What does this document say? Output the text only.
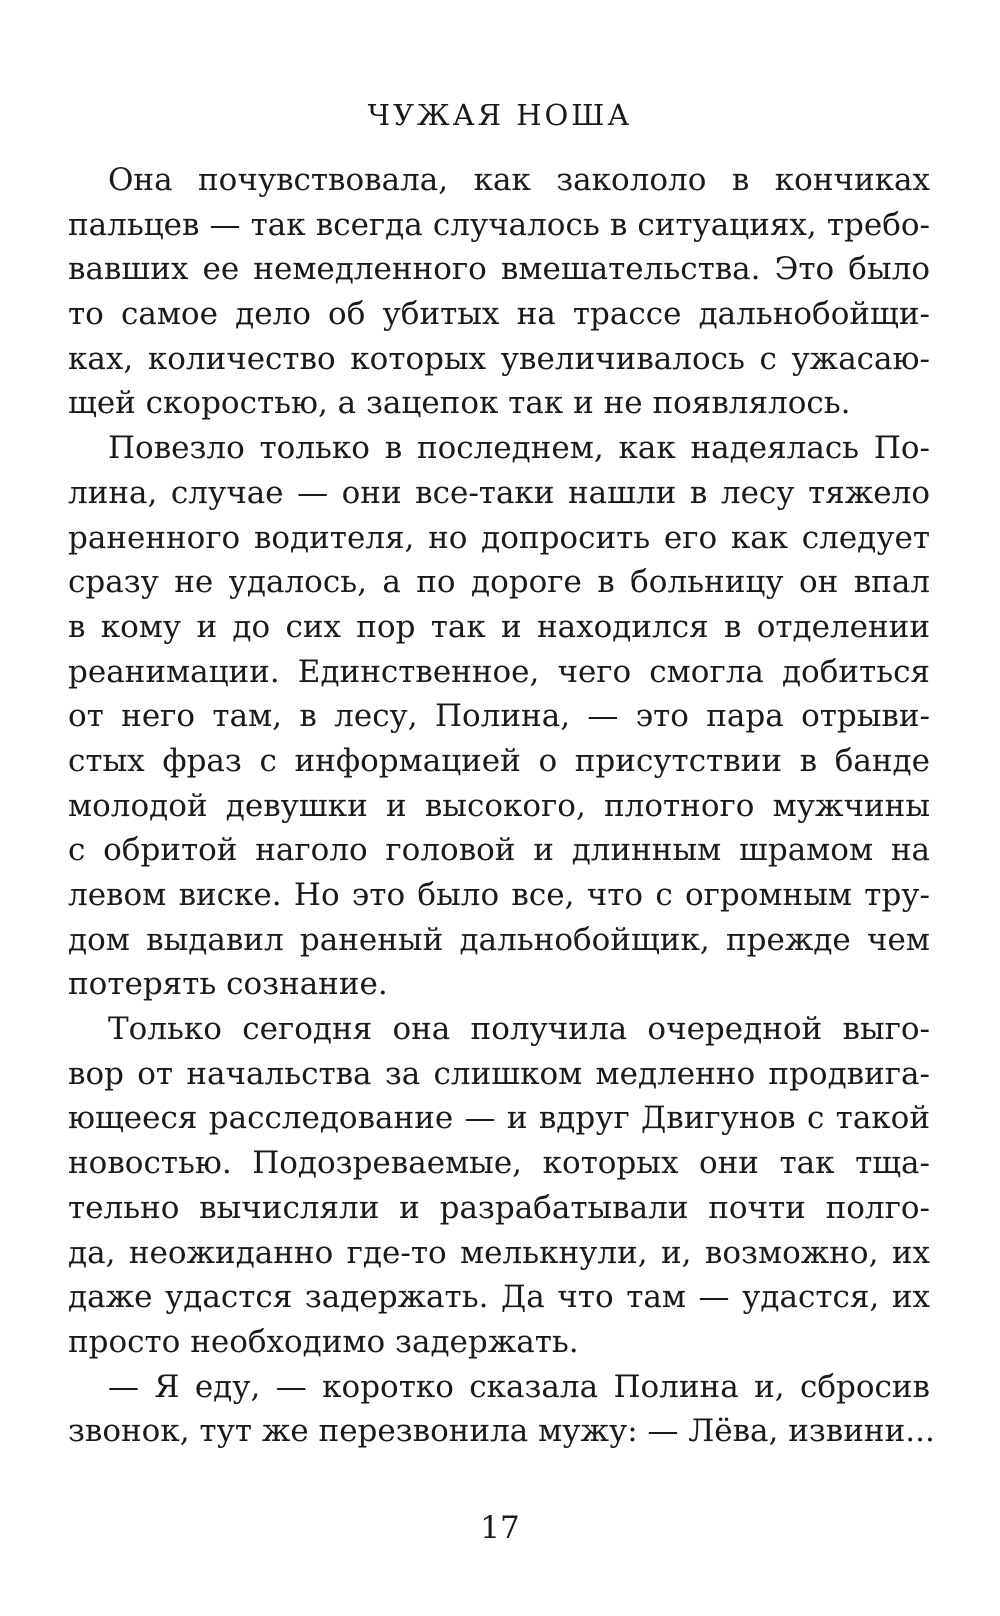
ЧУЖАЯ НОША
Она почувствовала, как закололо в кончиках
пальцев — так всегда случалось в ситуациях, требо-
вавших ее немедленного вмешательства. Это было
то самое дело об убитых на трассе дальнобойщи-
ках, количество которых увеличивалось с ужасаю-
щей скоростью, а зацепок так и не появлялось.
Повезло только в последнем, как надеялась По-
лина, случае — они все-таки нашли в лесу тяжело
раненного водителя, но допросить его как следует
сразу не удалось, а по дороге в больницу он впал
в кому и до сих пор так и находился в отделении
реанимации. Единственное, чего смогла добиться
от него там, в лесу, Полина, — это пара отрыви-
стых фраз с информацией о присутствии в банде
молодой девушки и высокого, плотного мужчины
с обритой наголо головой и длинным шрамом на
левом виске. Но это было все, что с огромным тру-
дом выдавил раненый дальнобойщик, прежде чем
потерять сознание.
Только сегодня она получила очередной выго-
вор от начальства за слишком медленно продвига-
ющееся расследование — и вдруг Двигунов с такой
новостью. Подозреваемые, которых они так тща-
тельно вычисляли и разрабатывали почти полго-
да, неожиданно где-то мелькнули, и, возможно, их
даже удастся задержать. Да что там — удастся, их
просто необходимо задержать.
— Я еду, — коротко сказала Полина и, сбросив
звонок, тут же перезвонила мужу: — Лёва, извини...
17
